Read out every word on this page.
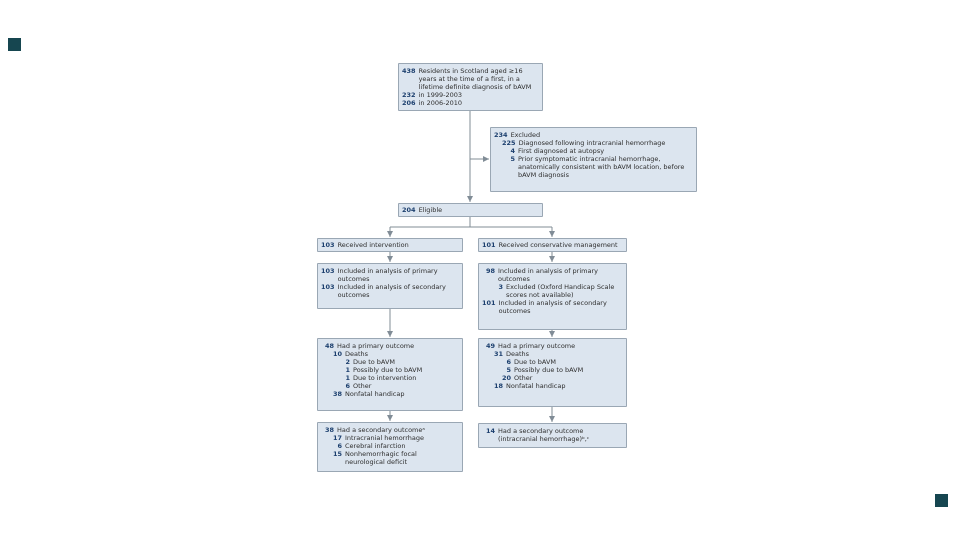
438 Residents in Scotland aged ≥16 years at the time of a first, in a lifetime definite diagnosis of bAVM
232 in 1999-2003
206 in 2006-2010
234 Excluded
225 Diagnosed following intracranial hemorrhage
4 First diagnosed at autopsy
5 Prior symptomatic intracranial hemorrhage, anatomically consistent with bAVM location, before bAVM diagnosis
204 Eligible
103 Received intervention	101 Received conservative management
103 Included in analysis of primary outcomes
103 Included in analysis of secondary outcomes
98 Included in analysis of primary outcomes
3 Excluded (Oxford Handicap Scale scores not available)
101 Included in analysis of secondary outcomes
48 Had a primary outcome
10 Deaths
2 Due to bAVM
1 Possibly due to bAVM
1 Due to intervention
6 Other
38 Nonfatal handicap
49 Had a primary outcome
31 Deaths
6 Due to bAVM
5 Possibly due to bAVM
20 Other
18 Nonfatal handicap
38 Had a secondary outcomeᵃ
17 Intracranial hemorrhage
6 Cerebral infarction
15 Nonhemorrhagic focal neurological deficit
14 Had a secondary outcome (intracranial hemorrhage)ᵇ,ᶜ
